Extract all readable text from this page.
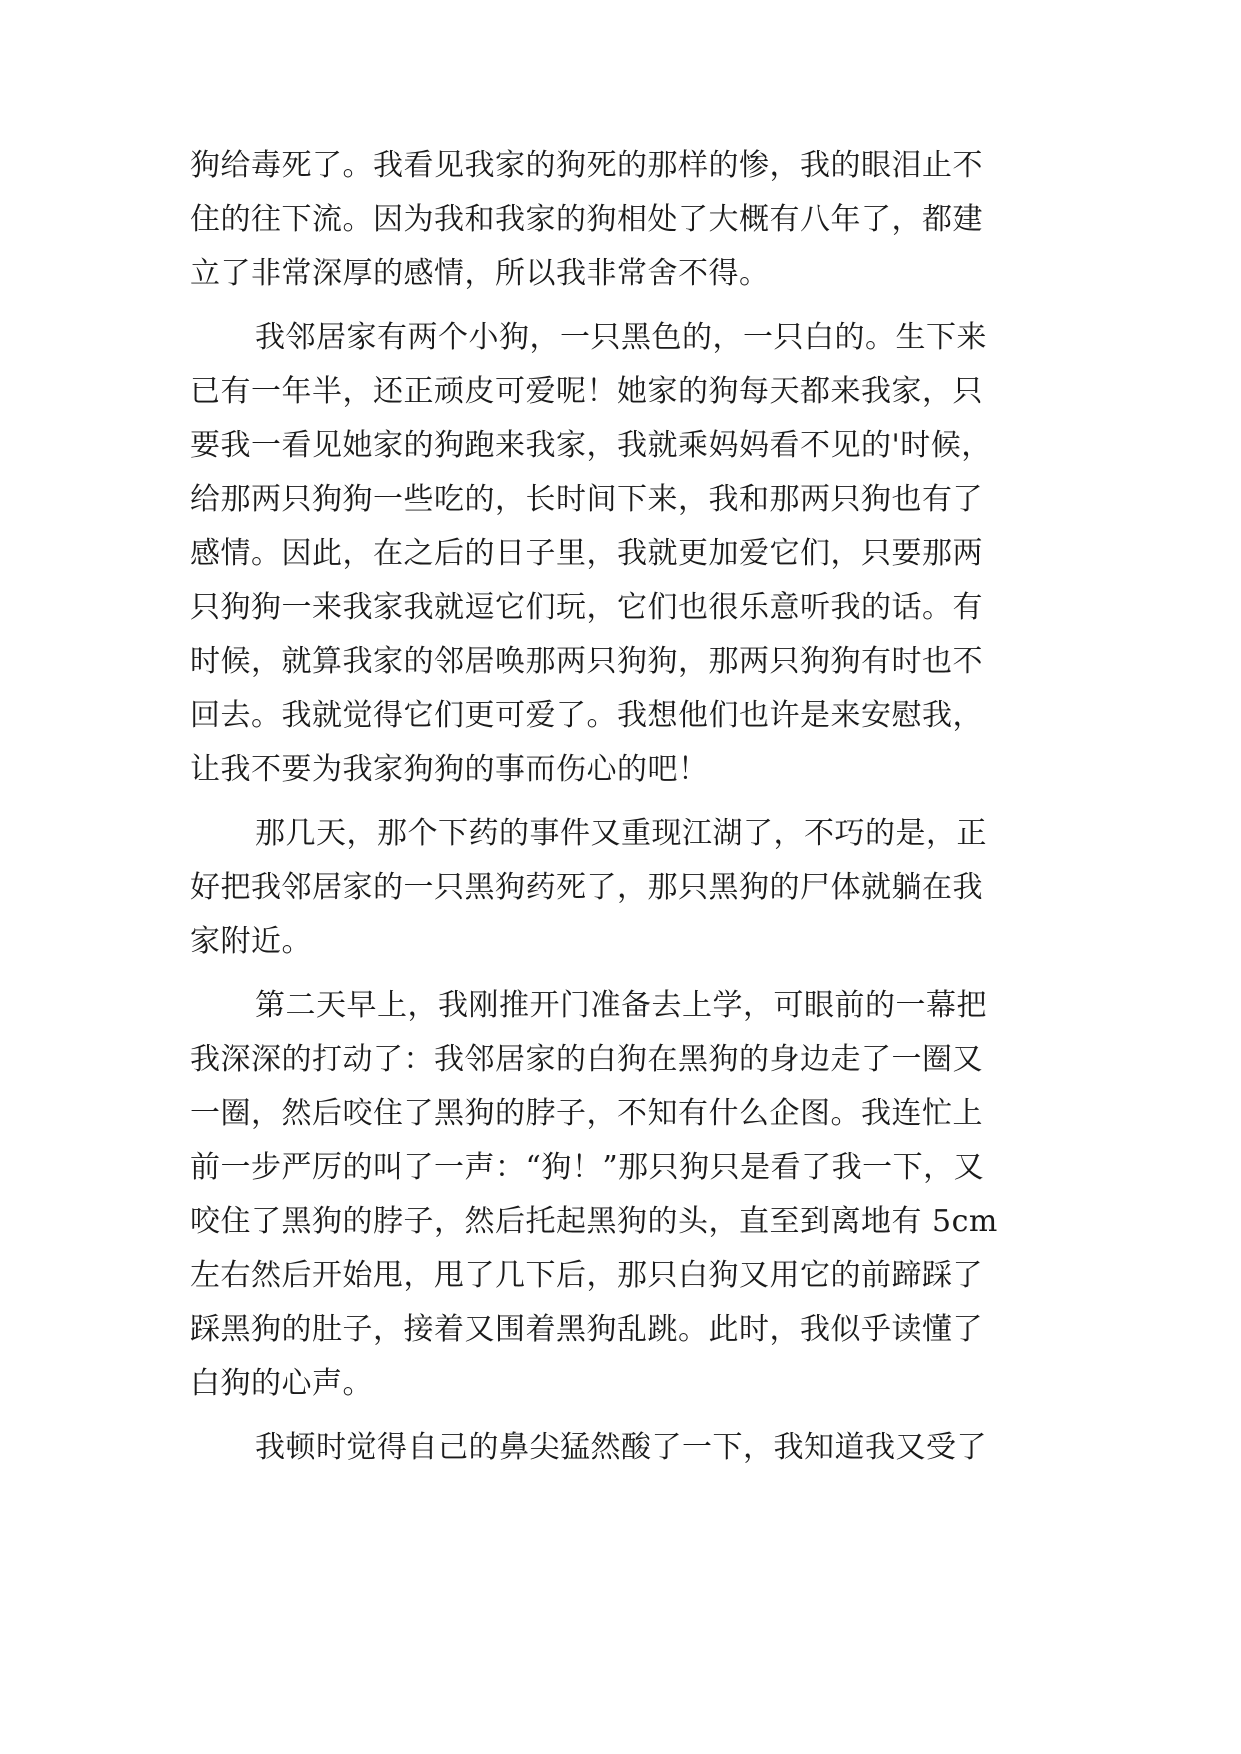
狗给毒死了。我看见我家的狗死的那样的惨，我的眼泪止不
住的往下流。因为我和我家的狗相处了大概有八年了，都建
立了非常深厚的感情，所以我非常舍不得。
我邻居家有两个小狗，一只黑色的，一只白的。生下来
已有一年半，还正顽皮可爱呢！她家的狗每天都来我家，只
要我一看见她家的狗跑来我家，我就乘妈妈看不见的'时候，
给那两只狗狗一些吃的，长时间下来，我和那两只狗也有了
感情。因此，在之后的日子里，我就更加爱它们，只要那两
只狗狗一来我家我就逗它们玩，它们也很乐意听我的话。有
时候，就算我家的邻居唤那两只狗狗，那两只狗狗有时也不
回去。我就觉得它们更可爱了。我想他们也许是来安慰我，
让我不要为我家狗狗的事而伤心的吧！
那几天，那个下药的事件又重现江湖了，不巧的是，正
好把我邻居家的一只黑狗药死了，那只黑狗的尸体就躺在我
家附近。
第二天早上，我刚推开门准备去上学，可眼前的一幕把
我深深的打动了：我邻居家的白狗在黑狗的身边走了一圈又
一圈，然后咬住了黑狗的脖子，不知有什么企图。我连忙上
前一步严厉的叫了一声：“狗！”那只狗只是看了我一下，又
咬住了黑狗的脖子，然后托起黑狗的头，直至到离地有 5cm
左右然后开始甩，甩了几下后，那只白狗又用它的前蹄踩了
踩黑狗的肚子，接着又围着黑狗乱跳。此时，我似乎读懂了
白狗的心声。
我顿时觉得自己的鼻尖猛然酸了一下，我知道我又受了
